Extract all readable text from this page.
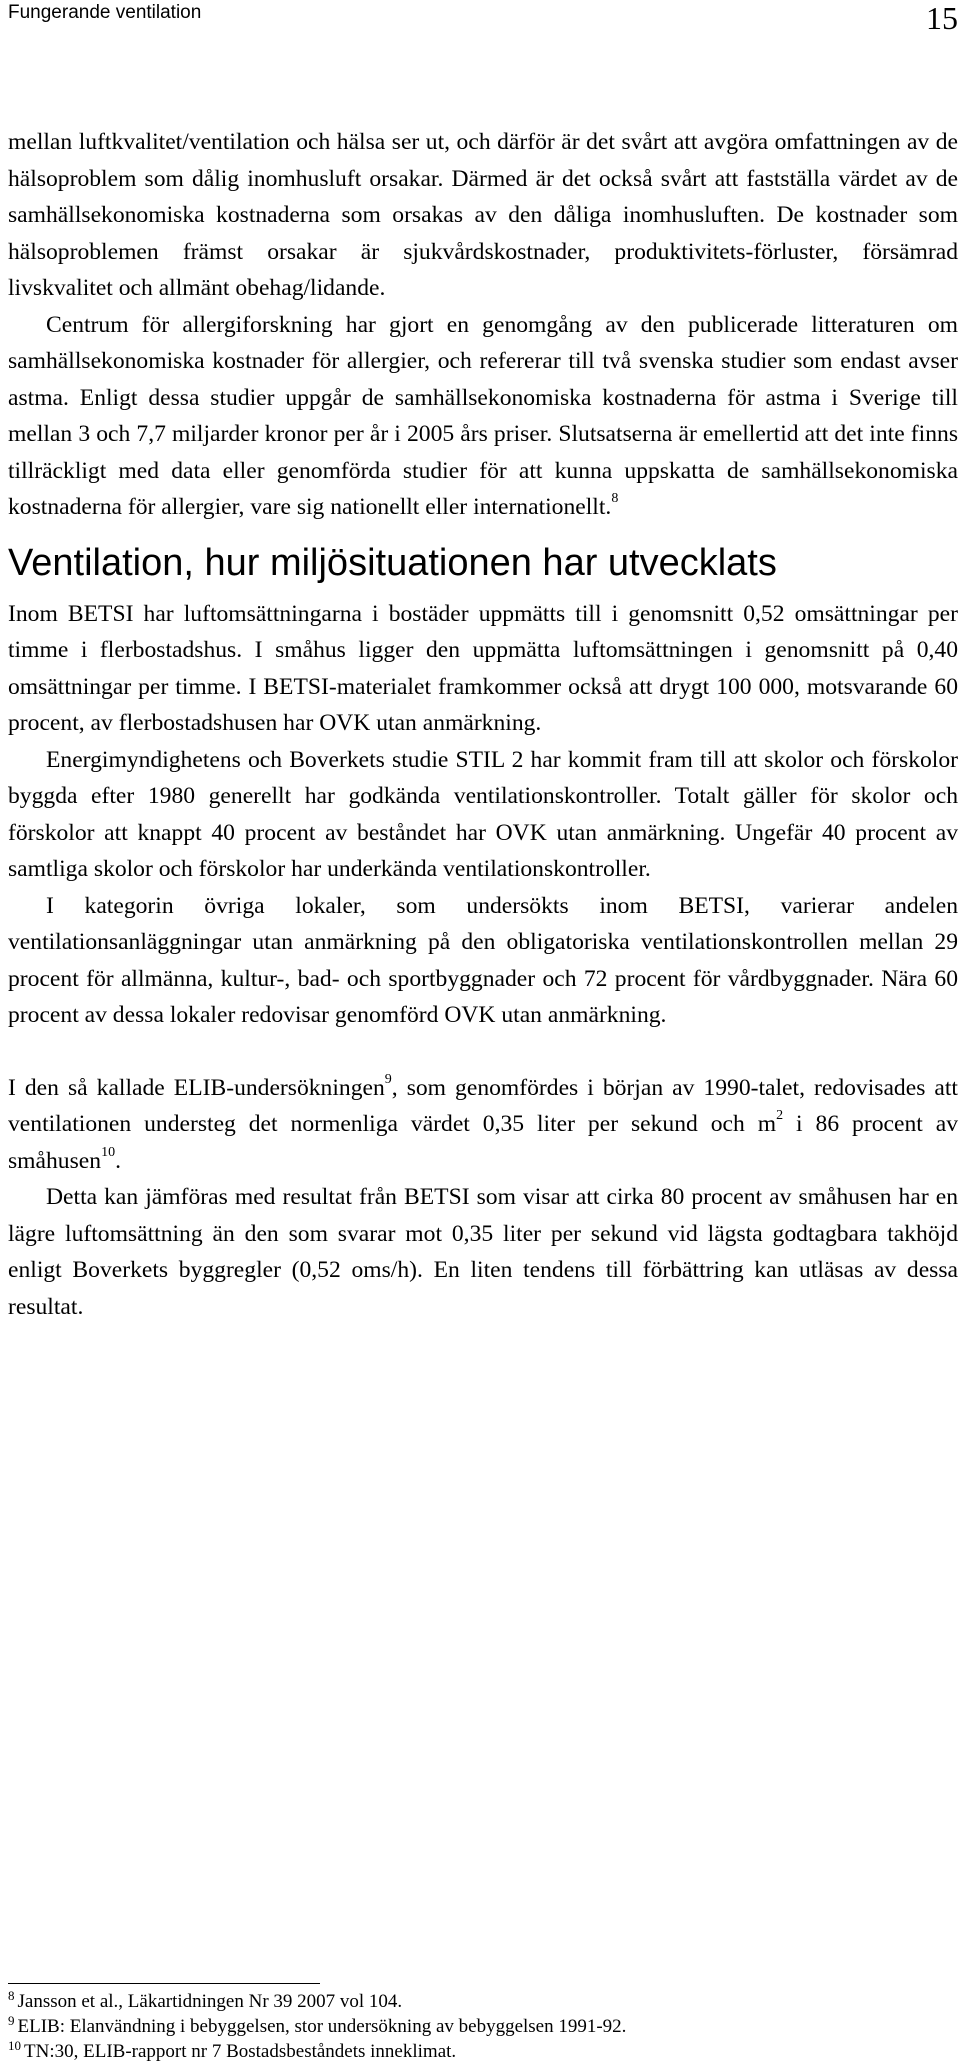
Fungerande ventilation	15

mellan luftkvalitet/ventilation och hälsa ser ut, och därför är det svårt att avgöra omfattningen av de hälsoproblem som dålig inomhusluft orsakar. Därmed är det också svårt att fastställa värdet av de samhällsekonomiska kostnaderna som orsakas av den dåliga inomhusluften. De kostnader som hälsoproblemen främst orsakar är sjukvårdskostnader, produktivitets-förluster, försämrad livskvalitet och allmänt obehag/lidande.

Centrum för allergiforskning har gjort en genomgång av den publicerade litteraturen om samhällsekonomiska kostnader för allergier, och refererar till två svenska studier som endast avser astma. Enligt dessa studier uppgår de samhällsekonomiska kostnaderna för astma i Sverige till mellan 3 och 7,7 miljarder kronor per år i 2005 års priser. Slutsatserna är emellertid att det inte finns tillräckligt med data eller genomförda studier för att kunna uppskatta de samhällsekonomiska kostnaderna för allergier, vare sig nationellt eller internationellt.$^8$

Ventilation, hur miljösituationen har utvecklats

Inom BETSI har luftomsättningarna i bostäder uppmätts till i genomsnitt 0,52 omsättningar per timme i flerbostadshus. I småhus ligger den uppmätta luftomsättningen i genomsnitt på 0,40 omsättningar per timme. I BETSI-materialet framkommer också att drygt 100 000, motsvarande 60 procent, av flerbostadshusen har OVK utan anmärkning.

Energimyndighetens och Boverkets studie STIL 2 har kommit fram till att skolor och förskolor byggda efter 1980 generellt har godkända ventilationskontroller. Totalt gäller för skolor och förskolor att knappt 40 procent av beståndet har OVK utan anmärkning. Ungefär 40 procent av samtliga skolor och förskolor har underkända ventilationskontroller.

I kategorin övriga lokaler, som undersökts inom BETSI, varierar andelen ventilationsanläggningar utan anmärkning på den obligatoriska ventilationskontrollen mellan 29 procent för allmänna, kultur-, bad- och sportbyggnader och 72 procent för vårdbyggnader. Nära 60 procent av dessa lokaler redovisar genomförd OVK utan anmärkning.

I den så kallade ELIB-undersökningen$^9$, som genomfördes i början av 1990-talet, redovisades att ventilationen understeg det normenliga värdet 0,35 liter per sekund och $m^2$ i 86 procent av småhusen$^{10}$.

Detta kan jämföras med resultat från BETSI som visar att cirka 80 procent av småhusen har en lägre luftomsättning än den som svarar mot 0,35 liter per sekund vid lägsta godtagbara takhöjd enligt Boverkets byggregler (0,52 oms/h). En liten tendens till förbättring kan utläsas av dessa resultat.

$^8$ Jansson et al., Läkartidningen Nr 39 2007 vol 104.

$^9$ ELIB: Elanvändning i bebyggelsen, stor undersökning av bebyggelsen 1991-92.

$^{10}$ TN:30, ELIB-rapport nr 7 Bostadsbeståndets inneklimat.
